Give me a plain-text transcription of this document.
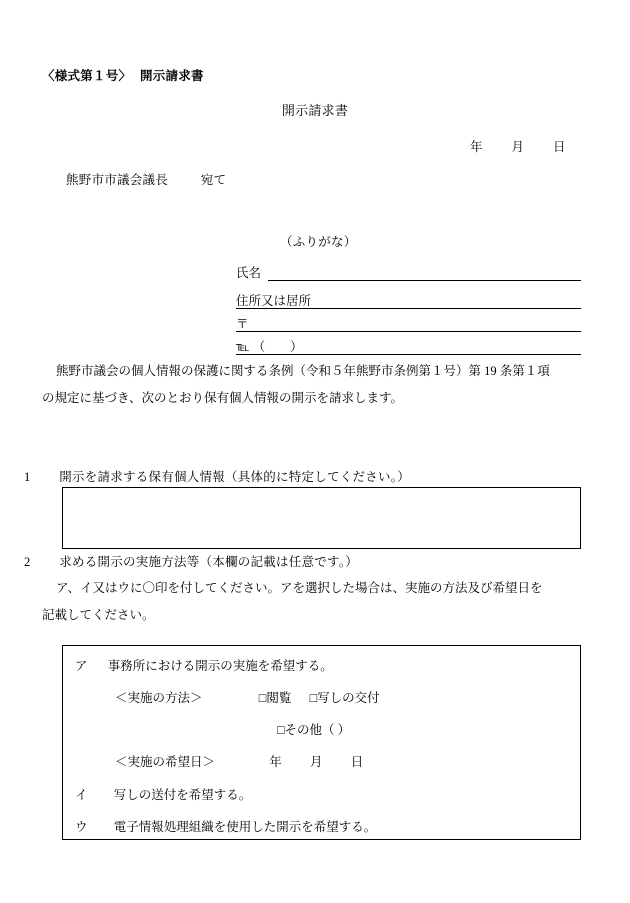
〈様式第１号〉 開示請求書
開示請求書
年 月 日
熊野市市議会議長	宛て
（ふりがな）
氏名
住所又は居所
〒
℡ （　　）
熊野市議会の個人情報の保護に関する条例（令和５年熊野市条例第１号）第 19 条第１項
の規定に基づき、次のとおり保有個人情報の開示を請求します。
1 開示を請求する保有個人情報（具体的に特定してください。）
2 求める開示の実施方法等（本欄の記載は任意です。）
ア、イ又はウに〇印を付してください。アを選択した場合は、実施の方法及び希望日を
記載してください。
ア 事務所における開示の実施を希望する。
＜実施の方法＞	□閲覧 □写しの交付
□その他（ ）
＜実施の希望日＞	年 月 日
イ 写しの送付を希望する。
ウ 電子情報処理組織を使用した開示を希望する。
